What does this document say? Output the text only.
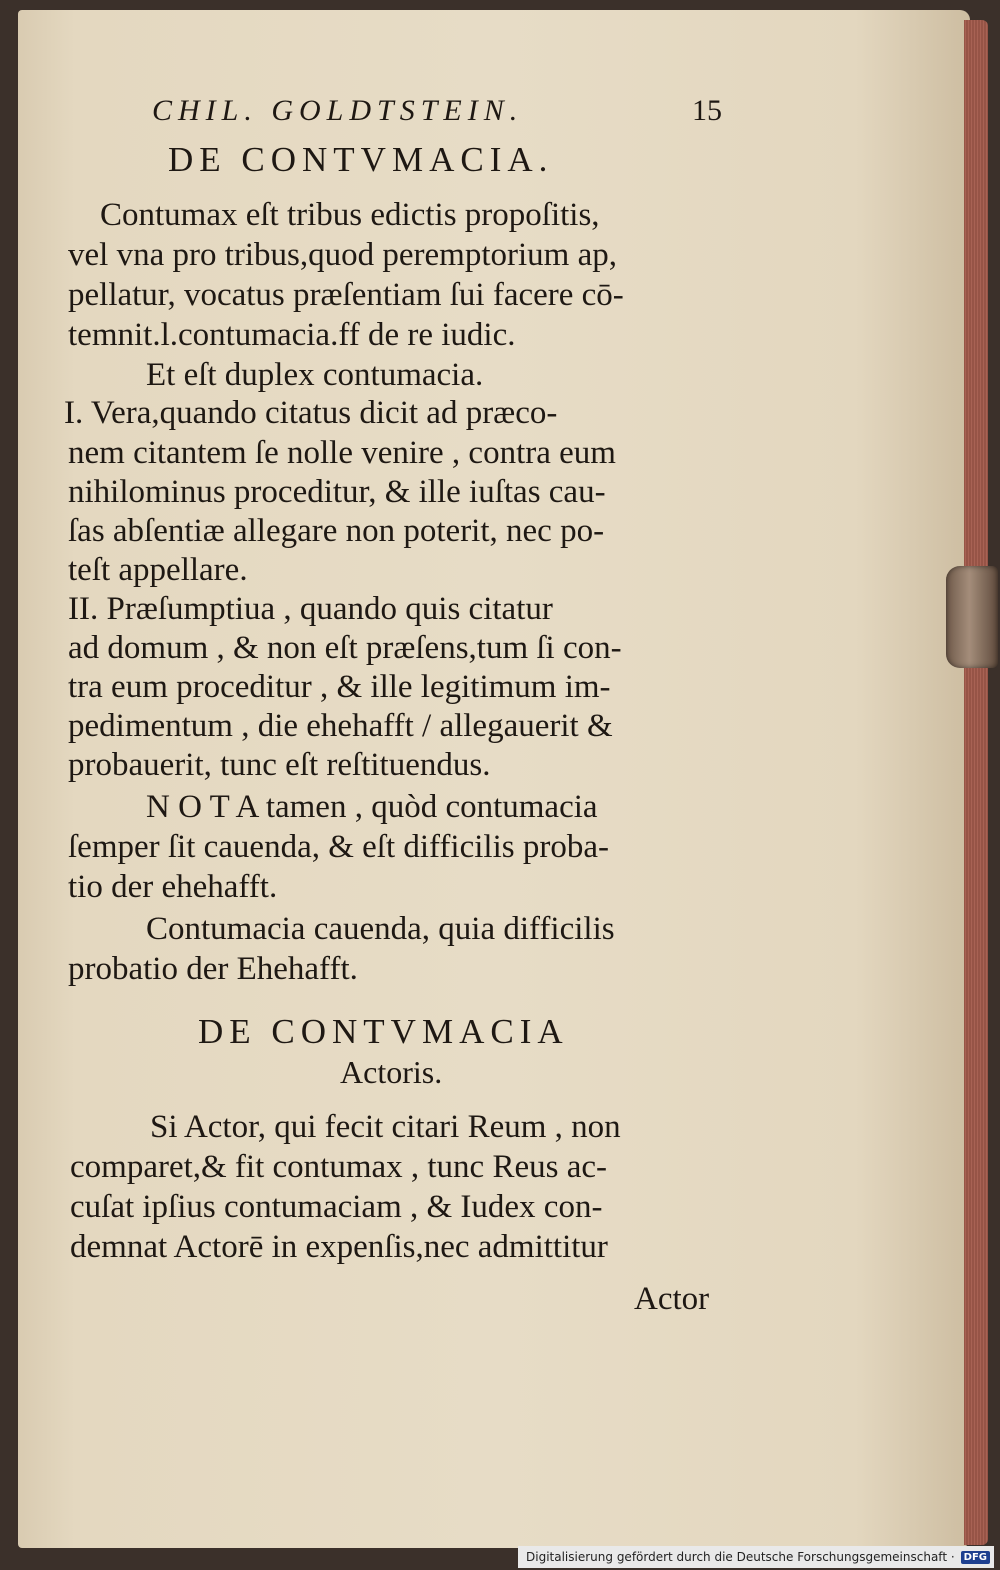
CHIL. GOLDTSTEIN.	15
DE CONTVMACIA.
Contumax eſt tribus edictis propoſitis,
vel vna pro tribus,quod peremptorium ap,
pellatur, vocatus præſentiam ſui facere cō-
temnit.l.contumacia.ff de re iudic.
Et eſt duplex contumacia.
I. Vera,quando citatus dicit ad præco-
nem citantem ſe nolle venire , contra eum
nihilominus proceditur, & ille iuſtas cau-
ſas abſentiæ allegare non poterit, nec po-
teſt appellare.
II. Præſumptiua , quando quis citatur
ad domum , & non eſt præſens,tum ſi con-
tra eum proceditur , & ille legitimum im-
pedimentum , die ehehafft / allegauerit &
probauerit, tunc eſt reſtituendus.
N O T A tamen , quòd contumacia
ſemper ſit cauenda, & eſt difficilis proba-
tio der ehehafft.
Contumacia cauenda, quia difficilis
probatio der Ehehafft.
DE CONTVMACIA
Actoris.
Si Actor, qui fecit citari Reum , non
comparet,& fit contumax , tunc Reus ac-
cuſat ipſius contumaciam , & Iudex con-
demnat Actorē in expenſis,nec admittitur
Actor
Digitalisierung gefördert durch die Deutsche Forschungsgemeinschaft · DFG
